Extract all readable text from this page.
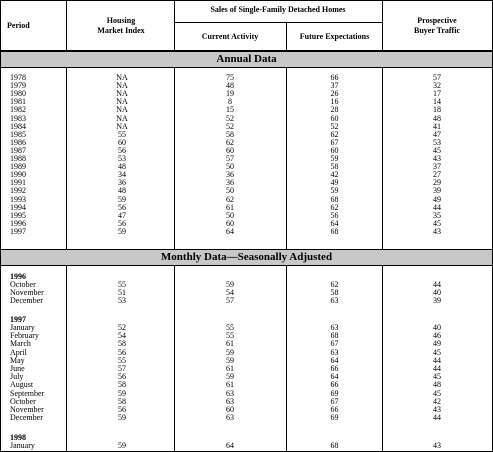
Period
Housing
Market Index
Sales of Single-Family Detached Homes
Current Activity	Future Expectations
Prospective
Buyer Traffic
Annual Data
Monthly Data—Seasonally Adjusted
1978	NA	75	66	57
1979	NA	48	37	32
1980	NA	19	26	17
1981	NA	8	16	14
1982	NA	15	28	18
1983	NA	52	60	48
1984	NA	52	52	41
1985	55	58	62	47
1986	60	62	67	53
1987	56	60	60	45
1988	53	57	59	43
1989	48	50	58	37
1990	34	36	42	27
1991	36	36	49	29
1992	48	50	59	39
1993	59	62	68	49
1994	56	61	62	44
1995	47	50	56	35
1996	56	60	64	45
1997	59	64	68	43
1996
October	55	59	62	44
November	51	54	58	40
December	53	57	63	39
1997
January	52	55	63	40
February	54	55	68	46
March	58	61	67	49
April	56	59	63	45
May	55	59	64	44
June	57	61	66	44
July	56	59	64	45
August	58	61	66	48
September	59	63	69	45
October	58	63	67	42
November	56	60	66	43
December	59	63	69	44
1998
January	59	64	68	43
